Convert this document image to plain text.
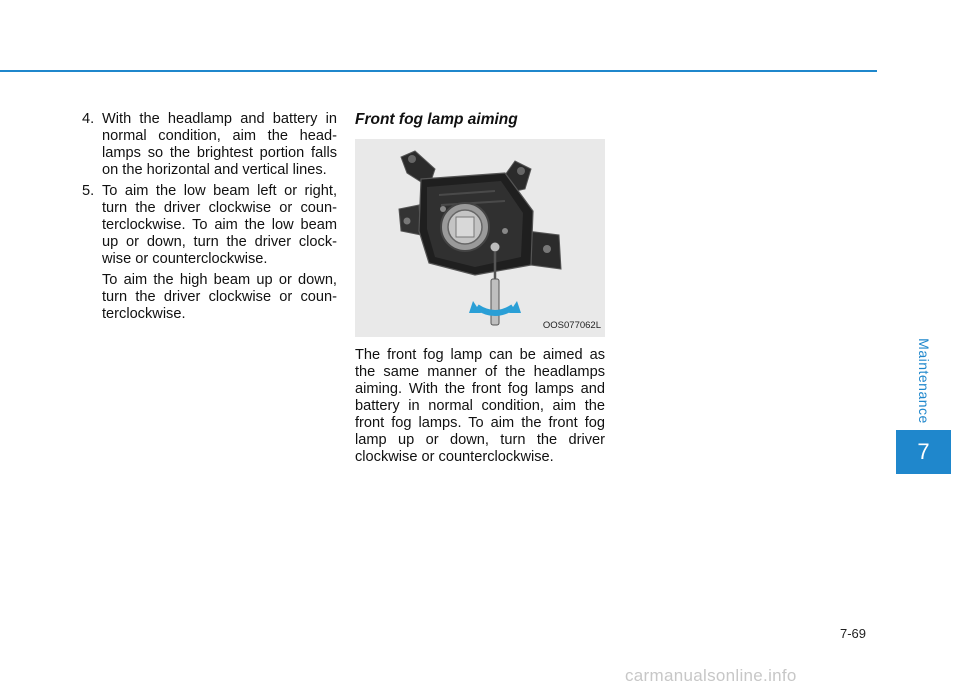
4. With the headlamp and battery in normal condition, aim the head-lamps so the brightest portion falls on the horizontal and vertical lines.
5. To aim the low beam left or right, turn the driver clockwise or coun-terclockwise. To aim the low beam up or down, turn the driver clock-wise or counterclockwise.
To aim the high beam up or down, turn the driver clockwise or coun-terclockwise.
Front fog lamp aiming
OOS077062L
The front fog lamp can be aimed as the same manner of the headlamps aiming. With the front fog lamps and battery in normal condition, aim the front fog lamps. To aim the front fog lamp up or down, turn the driver clockwise or counterclockwise.
Maintenance
7
7-69
carmanualsonline.info
